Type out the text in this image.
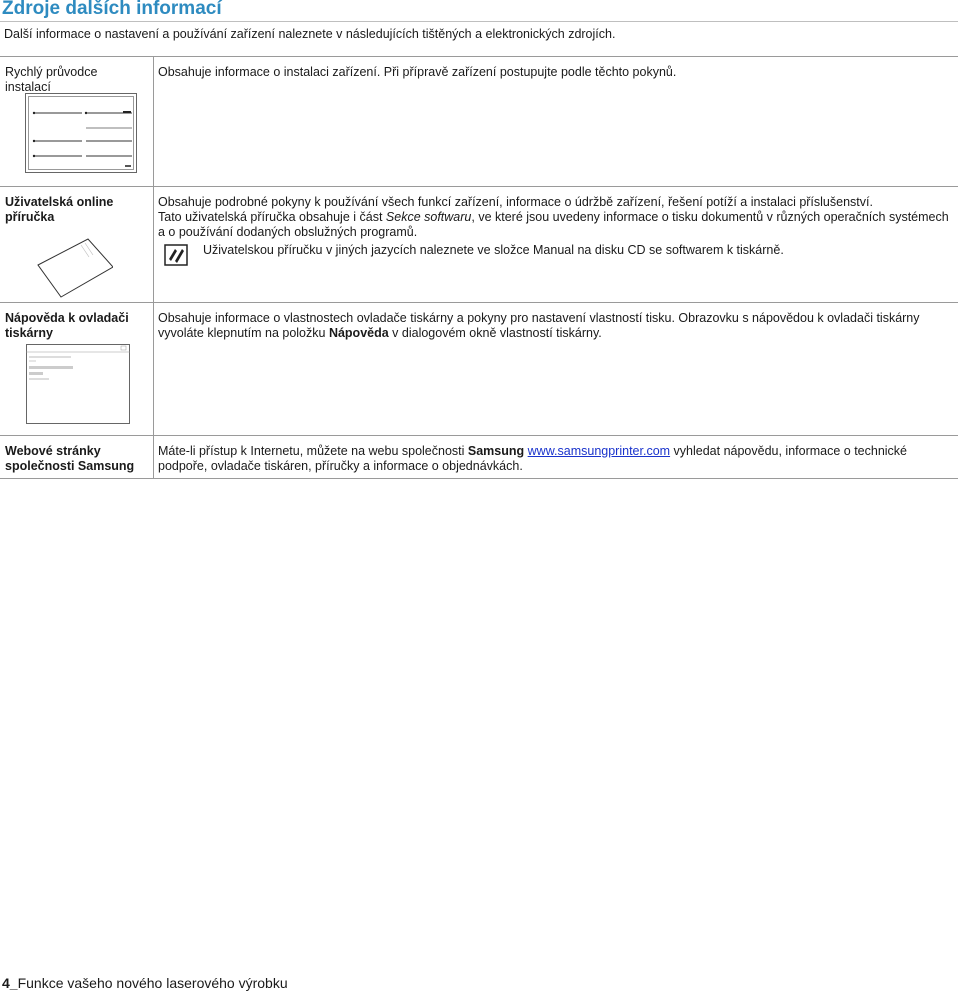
Zdroje dalších informací

Další informace o nastavení a používání zařízení naleznete v následujících tištěných a elektronických zdrojích.

Rychlý průvodce instalací	Obsahuje informace o instalaci zařízení. Při přípravě zařízení postupujte podle těchto pokynů.

Uživatelská online příručka	Obsahuje podrobné pokyny k používání všech funkcí zařízení, informace o údržbě zařízení, řešení potíží a instalaci příslušenství.

Tato uživatelská příručka obsahuje i část Sekce softwaru, ve které jsou uvedeny informace o tisku dokumentů v různých operačních systémech a o používání dodaných obslužných programů.

Uživatelskou příručku v jiných jazycích naleznete ve složce Manual na disku CD se softwarem k tiskárně.

Nápověda k ovladači tiskárny	Obsahuje informace o vlastnostech ovladače tiskárny a pokyny pro nastavení vlastností tisku. Obrazovku s nápovědou k ovladači tiskárny vyvoláte klepnutím na položku Nápověda v dialogovém okně vlastností tiskárny.

Webové stránky společnosti Samsung	Máte-li přístup k Internetu, můžete na webu společnosti Samsung www.samsungprinter.com vyhledat nápovědu, informace o technické podpoře, ovladače tiskáren, příručky a informace o objednávkách.

4_Funkce vašeho nového laserového výrobku
